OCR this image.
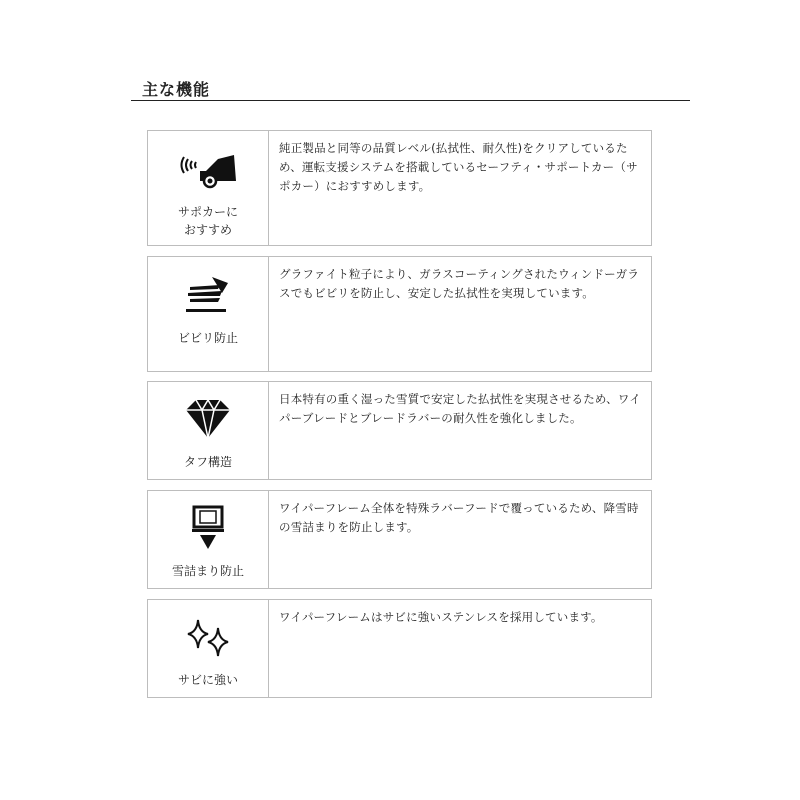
主な機能
サポカーに
おすすめ
純正製品と同等の品質レベル(払拭性、耐久性)をクリアしているため、運転支援システムを搭載しているセーフティ・サポートカー（サポカー）におすすめします。
ビビリ防止
グラファイト粒子により、ガラスコーティングされたウィンドーガラスでもビビリを防止し、安定した払拭性を実現しています。
タフ構造
日本特有の重く湿った雪質で安定した払拭性を実現させるため、ワイパーブレードとブレードラバーの耐久性を強化しました。
雪詰まり防止
ワイパーフレーム全体を特殊ラバーフードで覆っているため、降雪時の雪詰まりを防止します。
サビに強い
ワイパーフレームはサビに強いステンレスを採用しています。
